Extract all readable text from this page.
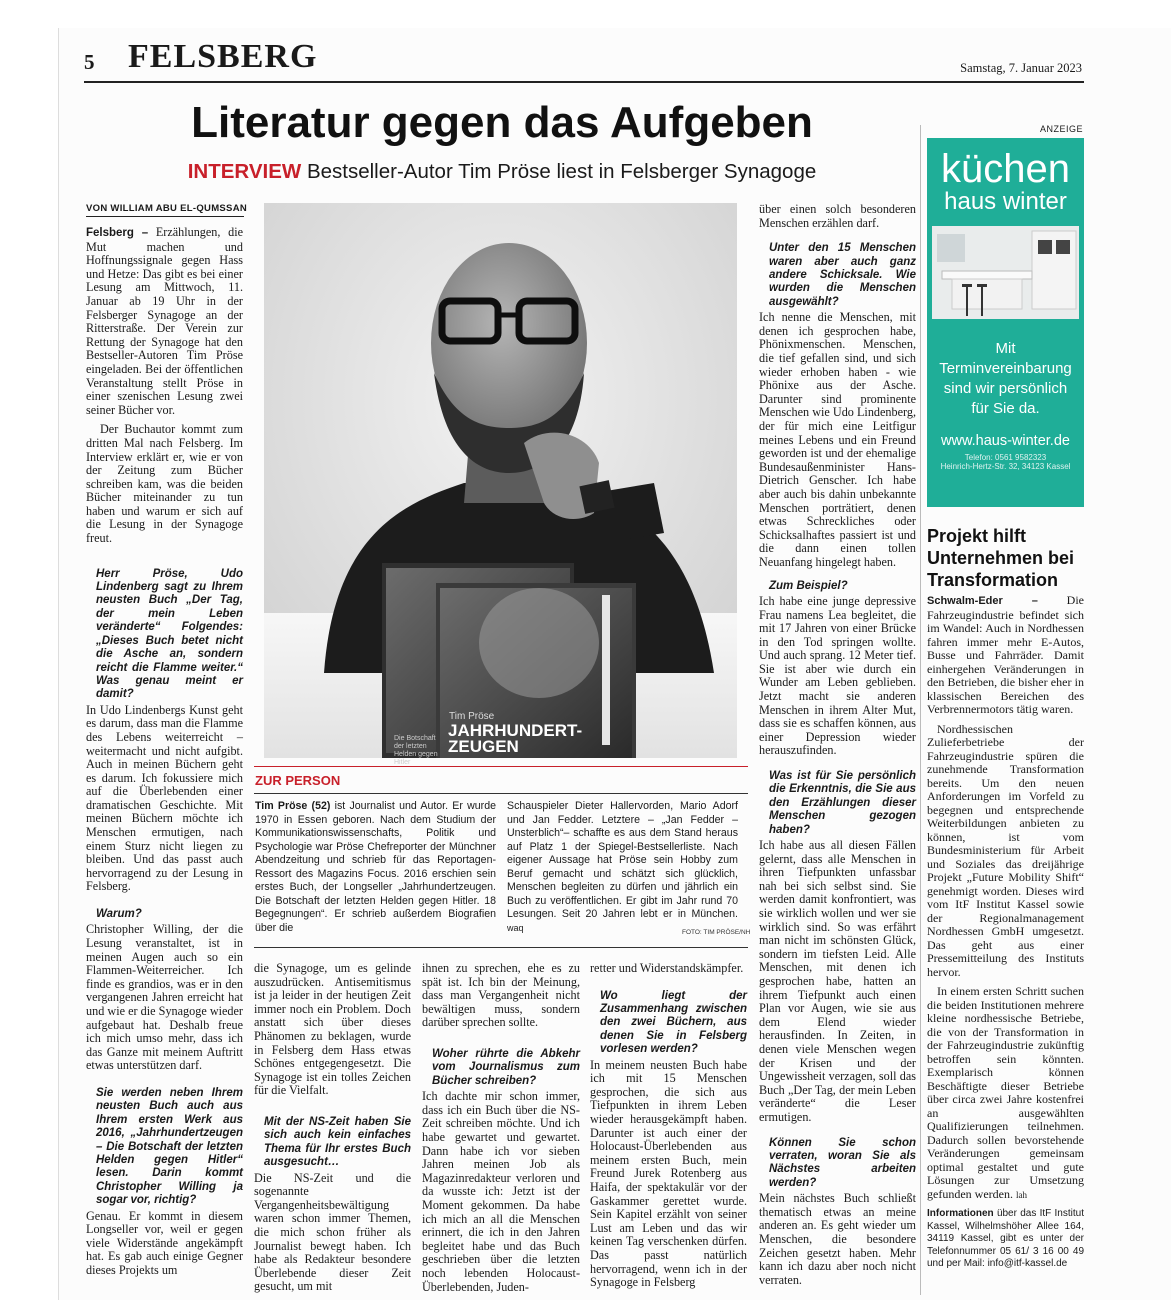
5 FELSBERG	Samstag, 7. Januar 2023
Literatur gegen das Aufgeben
INTERVIEW Bestseller-Autor Tim Pröse liest in Felsberger Synagoge
VON WILLIAM ABU EL-QUMSSAN

Felsberg – Erzählungen, die Mut machen und Hoffnungssignale gegen Hass und Hetze: Das gibt es bei einer Lesung am Mittwoch, 11. Januar ab 19 Uhr in der Felsberger Synagoge an der Ritterstraße. Der Verein zur Rettung der Synagoge hat den Bestseller-Autoren Tim Pröse eingeladen. Bei der öffentlichen Veranstaltung stellt Pröse in einer szenischen Lesung zwei seiner Bücher vor.

Der Buchautor kommt zum dritten Mal nach Felsberg. Im Interview erklärt er, wie er von der Zeitung zum Bücher schreiben kam, was die beiden Bücher miteinander zu tun haben und warum er sich auf die Lesung in der Synagoge freut.

Herr Pröse, Udo Lindenberg sagt zu Ihrem neusten Buch „Der Tag, der mein Leben veränderte“ Folgendes: „Dieses Buch betet nicht die Asche an, sondern reicht die Flamme weiter.“ Was genau meint er damit?

In Udo Lindenbergs Kunst geht es darum, dass man die Flamme des Lebens weiterreicht – weitermacht und nicht aufgibt. Auch in meinen Büchern geht es darum. Ich fokussiere mich auf die Überlebenden einer dramatischen Geschichte. Mit meinen Büchern möchte ich Menschen ermutigen, nach einem Sturz nicht liegen zu bleiben. Und das passt auch hervorragend zu der Lesung in Felsberg.

Warum?

Christopher Willing, der die Lesung veranstaltet, ist in meinen Augen auch so ein Flammen-Weiterreicher. Ich finde es grandios, was er in den vergangenen Jahren erreicht hat und wie er die Synagoge wieder aufgebaut hat. Deshalb freue ich mich umso mehr, dass ich das Ganze mit meinem Auftritt etwas unterstützen darf.

Sie werden neben Ihrem neusten Buch auch aus Ihrem ersten Werk aus 2016, „Jahrhundertzeugen – Die Botschaft der letzten Helden gegen Hitler“ lesen. Darin kommt Christopher Willing ja sogar vor, richtig?

Genau. Er kommt in diesem Longseller vor, weil er gegen viele Widerstände angekämpft hat. Es gab auch einige Gegner dieses Projekts um

Tim Pröse
JAHRHUNDERT-ZEUGEN
Die Botschaft der letzten Helden gegen Hitler
ZUR PERSON
Tim Pröse (52) ist Journalist und Autor. Er wurde 1970 in Essen geboren. Nach dem Studium der Kommunikationswissenschafts, Politik und Psychologie war Pröse Chefreporter der Münchner Abendzeitung und schrieb für das Reportagen-Ressort des Magazins Focus. 2016 erschien sein erstes Buch, der Longseller „Jahrhundertzeugen. Die Botschaft der letzten Helden gegen Hitler. 18 Begegnungen“. Er schrieb außerdem Biografien über die
Schauspieler Dieter Hallervorden, Mario Adorf und Jan Fedder. Letztere – „Jan Fedder – Unsterblich“– schaffte es aus dem Stand heraus auf Platz 1 der Spiegel-Bestsellerliste. Nach eigener Aussage hat Pröse sein Hobby zum Beruf gemacht und schätzt sich glücklich, Menschen begleiten zu dürfen und jährlich ein Buch zu veröffentlichen. Er gibt im Jahr rund 70 Lesungen. Seit 20 Jahren lebt er in München. waq	FOTO: TIM PRÖSE/NH

die Synagoge, um es gelinde auszudrücken. Antisemitismus ist ja leider in der heutigen Zeit immer noch ein Problem. Doch anstatt sich über dieses Phänomen zu beklagen, wurde in Felsberg dem Hass etwas Schönes entgegengesetzt. Die Synagoge ist ein tolles Zeichen für die Vielfalt.

Mit der NS-Zeit haben Sie sich auch kein einfaches Thema für Ihr erstes Buch ausgesucht…

Die NS-Zeit und die sogenannte Vergangenheitsbewältigung waren schon immer Themen, die mich schon früher als Journalist bewegt haben. Ich habe als Redakteur besondere Überlebende dieser Zeit gesucht, um mit

ihnen zu sprechen, ehe es zu spät ist. Ich bin der Meinung, dass man Vergangenheit nicht bewältigen muss, sondern darüber sprechen sollte.

Woher rührte die Abkehr vom Journalismus zum Bücher schreiben?

Ich dachte mir schon immer, dass ich ein Buch über die NS-Zeit schreiben möchte. Und ich habe gewartet und gewartet. Dann habe ich vor sieben Jahren meinen Job als Magazinredakteur verloren und da wusste ich: Jetzt ist der Moment gekommen. Da habe ich mich an all die Menschen erinnert, die ich in den Jahren begleitet habe und das Buch geschrieben über die letzten noch lebenden Holocaust-Überlebenden, Juden-

retter und Widerstandskämpfer.

Wo liegt der Zusammenhang zwischen den zwei Büchern, aus denen Sie in Felsberg vorlesen werden?

In meinem neusten Buch habe ich mit 15 Menschen gesprochen, die sich aus Tiefpunkten in ihrem Leben wieder herausgekämpft haben. Darunter ist auch einer der Holocaust-Überlebenden aus meinem ersten Buch, mein Freund Jurek Rotenberg aus Haifa, der spektakulär vor der Gaskammer gerettet wurde. Sein Kapitel erzählt von seiner Lust am Leben und das wir keinen Tag verschenken dürfen. Das passt natürlich hervorragend, wenn ich in der Synagoge in Felsberg

über einen solch besonderen Menschen erzählen darf.

Unter den 15 Menschen waren aber auch ganz andere Schicksale. Wie wurden die Menschen ausgewählt?

Ich nenne die Menschen, mit denen ich gesprochen habe, Phönixmenschen. Menschen, die tief gefallen sind, und sich wieder erhoben haben - wie Phönixe aus der Asche. Darunter sind prominente Menschen wie Udo Lindenberg, der für mich eine Leitfigur meines Lebens und ein Freund geworden ist und der ehemalige Bundesaußenminister Hans-Dietrich Genscher. Ich habe aber auch bis dahin unbekannte Menschen porträtiert, denen etwas Schreckliches oder Schicksalhaftes passiert ist und die dann einen tollen Neuanfang hingelegt haben.

Zum Beispiel?

Ich habe eine junge depressive Frau namens Lea begleitet, die mit 17 Jahren von einer Brücke in den Tod springen wollte. Und auch sprang. 12 Meter tief. Sie ist aber wie durch ein Wunder am Leben geblieben. Jetzt macht sie anderen Menschen in ihrem Alter Mut, dass sie es schaffen können, aus einer Depression wieder herauszufinden.

Was ist für Sie persönlich die Erkenntnis, die Sie aus den Erzählungen dieser Menschen gezogen haben?

Ich habe aus all diesen Fällen gelernt, dass alle Menschen in ihren Tiefpunkten unfassbar nah bei sich selbst sind. Sie werden damit konfrontiert, was sie wirklich wollen und wer sie wirklich sind. So was erfährt man nicht im schönsten Glück, sondern im tiefsten Leid. Alle Menschen, mit denen ich gesprochen habe, hatten an ihrem Tiefpunkt auch einen Plan vor Augen, wie sie aus dem Elend wieder herausfinden. In Zeiten, in denen viele Menschen wegen der Krisen und der Ungewissheit verzagen, soll das Buch „Der Tag, der mein Leben veränderte“ die Leser ermutigen.

Können Sie schon verraten, woran Sie als Nächstes arbeiten werden?

Mein nächstes Buch schließt thematisch etwas an meine anderen an. Es geht wieder um Menschen, die besondere Zeichen gesetzt haben. Mehr kann ich dazu aber noch nicht verraten.

ANZEIGE
küchen
haus winter
Mit
Terminvereinbarung
sind wir persönlich
für Sie da.
www.haus-winter.de
Telefon: 0561 9582323
Heinrich-Hertz-Str. 32, 34123 Kassel
Projekt hilft Unternehmen bei Transformation

Schwalm-Eder – Die Fahrzeugindustrie befindet sich im Wandel: Auch in Nordhessen fahren immer mehr E-Autos, Busse und Fahrräder. Damit einhergehen Veränderungen in den Betrieben, die bisher eher in klassischen Bereichen des Verbrennermotors tätig waren.

Nordhessischen Zulieferbetriebe der Fahrzeugindustrie spüren die zunehmende Transformation bereits. Um den neuen Anforderungen im Vorfeld zu begegnen und entsprechende Weiterbildungen anbieten zu können, ist vom Bundesministerium für Arbeit und Soziales das dreijährige Projekt „Future Mobility Shift“ genehmigt worden. Dieses wird vom ItF Institut Kassel sowie der Regionalmanagement Nordhessen GmbH umgesetzt. Das geht aus einer Pressemitteilung des Instituts hervor.

In einem ersten Schritt suchen die beiden Institutionen mehrere kleine nordhessische Betriebe, die von der Transformation in der Fahrzeugindustrie zukünftig betroffen sein könnten. Exemplarisch können Beschäftigte dieser Betriebe über circa zwei Jahre kostenfrei an ausgewählten Qualifizierungen teilnehmen. Dadurch sollen bevorstehende Veränderungen gemeinsam optimal gestaltet und gute Lösungen zur Umsetzung gefunden werden. lah

Informationen über das ItF Institut Kassel, Wilhelmshöher Allee 164, 34119 Kassel, gibt es unter der Telefonnummer 05 61/ 3 16 00 49 und per Mail: info@itf-kassel.de
